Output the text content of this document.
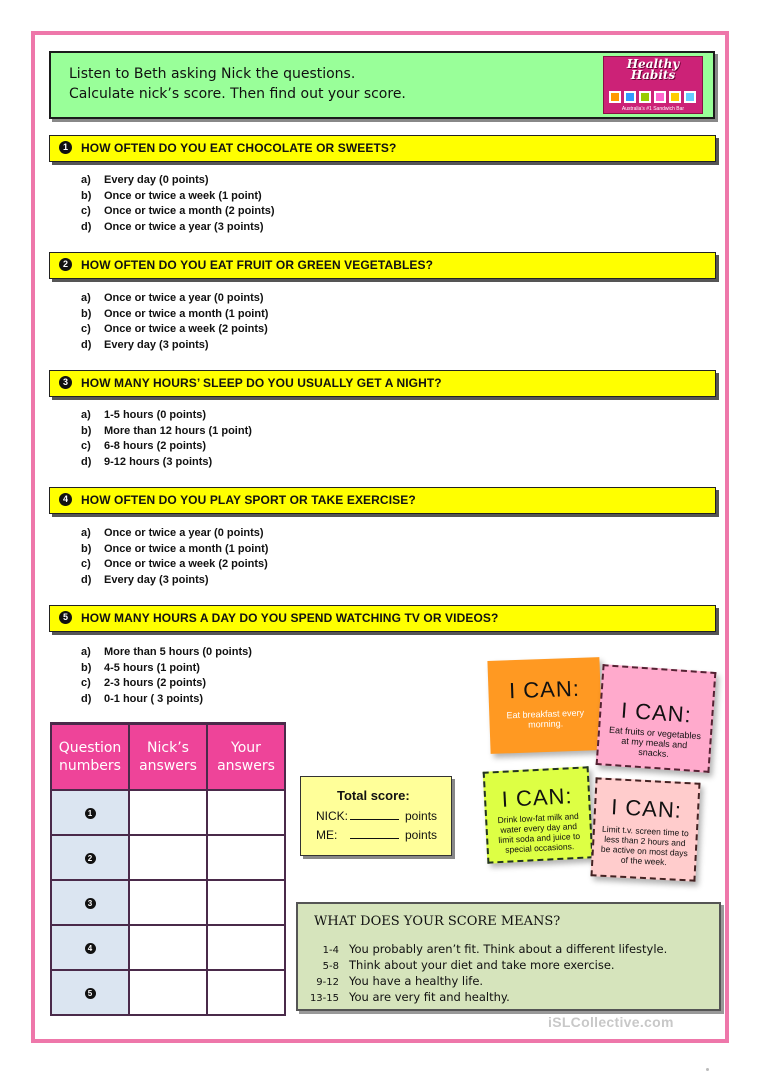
Listen to Beth asking Nick the questions.

Calculate nick’s score. Then find out your score.

Healthy Habits
Australia’s #1 Sandwich Bar
1	HOW OFTEN DO YOU EAT CHOCOLATE OR SWEETS?
a) Every day (0 points)
b) Once or twice a week (1 point)
c) Once or twice a month (2 points)
d) Once or twice a year (3 points)
2	HOW OFTEN DO YOU EAT FRUIT OR GREEN VEGETABLES?
a) Once or twice a year (0 points)
b) Once or twice a month (1 point)
c) Once or twice a week (2 points)
d) Every day (3 points)
3	HOW MANY HOURS’ SLEEP DO YOU USUALLY GET A NIGHT?
a) 1-5 hours (0 points)
b) More than 12 hours (1 point)
c) 6-8 hours (2 points)
d) 9-12 hours (3 points)
4	HOW OFTEN DO YOU PLAY SPORT OR TAKE EXERCISE?
a) Once or twice a year (0 points)
b) Once or twice a month (1 point)
c) Once or twice a week (2 points)
d) Every day (3 points)
5	HOW MANY HOURS A DAY DO YOU SPEND WATCHING TV OR VIDEOS?
a) More than 5 hours (0 points)
b) 4-5 hours (1 point)
c) 2-3 hours (2 points)
d) 0-1 hour ( 3 points)
Question numbers	Nick’s answers	Your answers
1		
2		
3		
4		
5		
Total score:
NICK:	points
ME:	points
I CAN:
Eat breakfast every morning.	I CAN:
Eat fruits or vegetables at my meals and snacks.
I CAN:
Drink low-fat milk and water every day and limit soda and juice to special occasions.
I CAN:
Limit t.v. screen time to less than 2 hours and be active on most days of the week.
WHAT DOES YOUR SCORE MEANS?
1-4 You probably aren’t fit. Think about a different lifestyle.
5-8 Think about your diet and take more exercise.
9-12 You have a healthy life.
13-15 You are very fit and healthy.
iSLCollective.com
